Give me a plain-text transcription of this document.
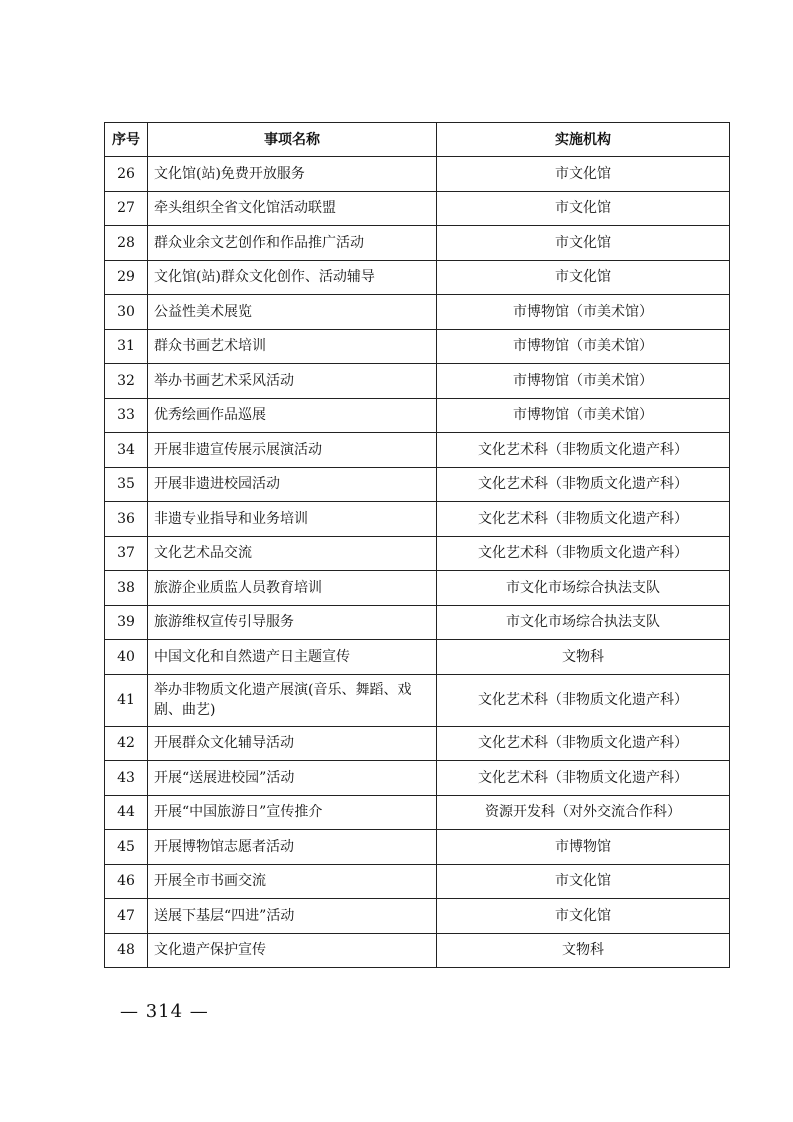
序号	事项名称	实施机构
26	文化馆(站)免费开放服务	市文化馆
27	牵头组织全省文化馆活动联盟	市文化馆
28	群众业余文艺创作和作品推广活动	市文化馆
29	文化馆(站)群众文化创作、活动辅导	市文化馆
30	公益性美术展览	市博物馆（市美术馆）
31	群众书画艺术培训	市博物馆（市美术馆）
32	举办书画艺术采风活动	市博物馆（市美术馆）
33	优秀绘画作品巡展	市博物馆（市美术馆）
34	开展非遗宣传展示展演活动	文化艺术科（非物质文化遗产科）
35	开展非遗进校园活动	文化艺术科（非物质文化遗产科）
36	非遗专业指导和业务培训	文化艺术科（非物质文化遗产科）
37	文化艺术品交流	文化艺术科（非物质文化遗产科）
38	旅游企业质监人员教育培训	市文化市场综合执法支队
39	旅游维权宣传引导服务	市文化市场综合执法支队
40	中国文化和自然遗产日主题宣传	文物科
41	举办非物质文化遗产展演(音乐、舞蹈、戏剧、曲艺)	文化艺术科（非物质文化遗产科）
42	开展群众文化辅导活动	文化艺术科（非物质文化遗产科）
43	开展“送展进校园”活动	文化艺术科（非物质文化遗产科）
44	开展“中国旅游日”宣传推介	资源开发科（对外交流合作科）
45	开展博物馆志愿者活动	市博物馆
46	开展全市书画交流	市文化馆
47	送展下基层“四进”活动	市文化馆
48	文化遗产保护宣传	文物科
— 314 —
